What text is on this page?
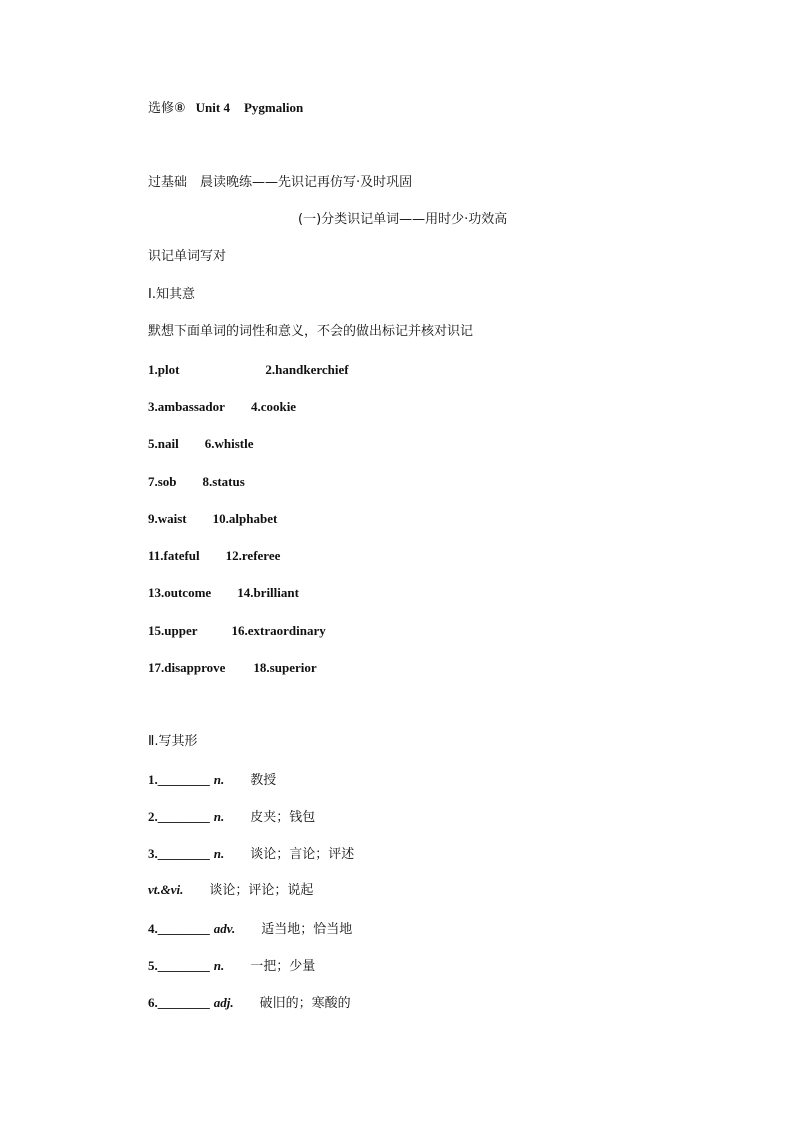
选修⑧ Unit 4 Pygmalion
过基础　晨读晚练——先识记再仿写·及时巩固
(一)分类识记单词——用时少·功效高
识记单词写对
Ⅰ.知其意
默想下面单词的词性和意义，不会的做出标记并核对识记
1.plot	2.handkerchief
3.ambassador 4.cookie
5.nail 6.whistle
7.sob 8.status
9.waist 10.alphabet
11.fateful 12.referee
13.outcome 14.brilliant
15.upper	16.extraordinary
17.disapprove 18.superior
Ⅱ.写其形
1.________ n. 教授
2.________ n. 皮夹；钱包
3.________ n. 谈论；言论；评述
vt.&vi. 谈论；评论；说起
4.________ adv. 适当地；恰当地
5.________ n. 一把；少量
6.________ adj. 破旧的；寒酸的
